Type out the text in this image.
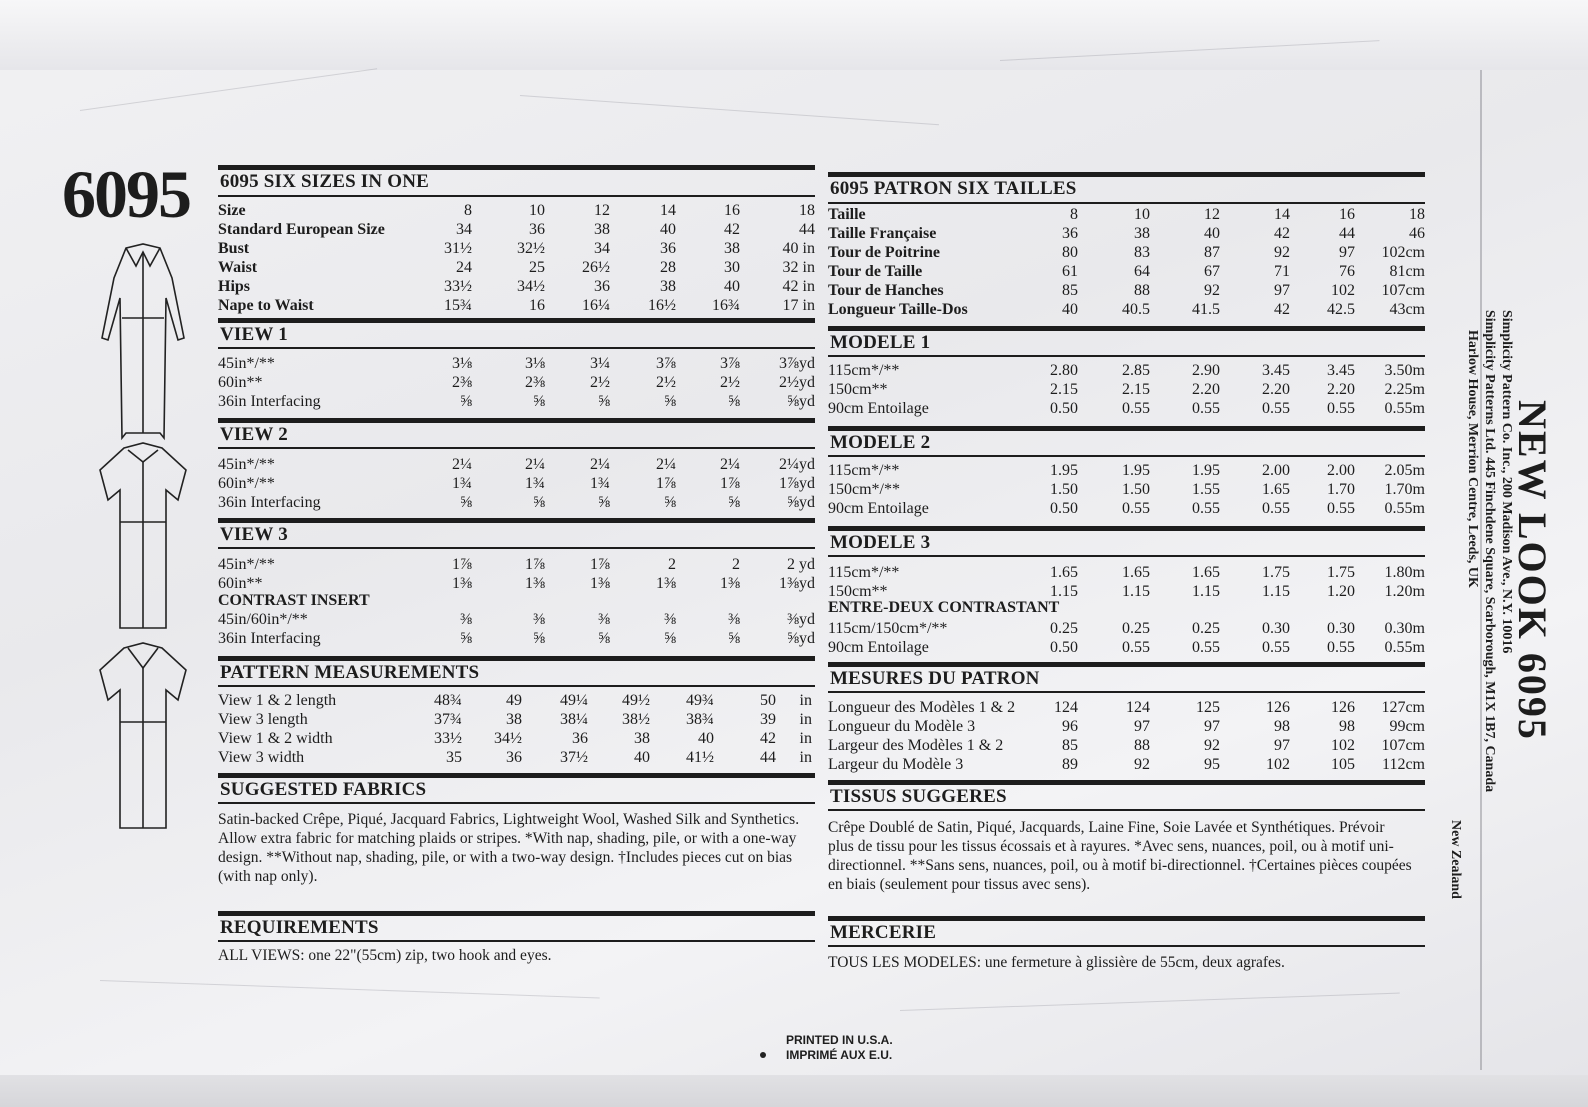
6095 6095 SIX SIZES IN ONE
Size	8	10	12	14	16	18
Standard European Size	34	36	38	40	42	44
Bust	31½	32½	34	36	38	40 in
Waist	24	25	26½	28	30	32 in
Hips	33½	34½	36	38	40	42 in
Nape to Waist	15¾	16	16¼	16½	16¾	17 in
VIEW 1
45in*/**	3⅛	3⅛	3¼	3⅞	3⅞	3⅞yd
60in**	2⅜	2⅜	2½	2½	2½	2½yd
36in Interfacing	⅝	⅝	⅝	⅝	⅝	⅝yd
VIEW 2
45in*/**	2¼	2¼	2¼	2¼	2¼	2¼yd
60in*/**	1¾	1¾	1¾	1⅞	1⅞	1⅞yd
36in Interfacing	⅝	⅝	⅝	⅝	⅝	⅝yd
VIEW 3
45in*/**	1⅞	1⅞	1⅞	2	2	2 yd
60in**	1⅜	1⅜	1⅜	1⅜	1⅜	1⅜yd
CONTRAST INSERT
45in/60in*/**	⅜	⅜	⅜	⅜	⅜	⅜yd
36in Interfacing	⅝	⅝	⅝	⅝	⅝	⅝yd
PATTERN MEASUREMENTS
View 1 & 2 length	48¾	49	49¼	49½	49¾	50	in
View 3 length	37¾	38	38¼	38½	38¾	39	in
View 1 & 2 width	33½	34½	36	38	40	42	in
View 3 width	35	36	37½	40	41½	44	in
SUGGESTED FABRICS
Satin-backed Crêpe, Piqué, Jacquard Fabrics, Lightweight Wool, Washed Silk and Synthetics. Allow extra fabric for matching plaids or stripes. *With nap, shading, pile, or with a one-way design. **Without nap, shading, pile, or with a two-way design. †Includes pieces cut on bias (with nap only).
REQUIREMENTS
ALL VIEWS: one 22"(55cm) zip, two hook and eyes.
6095 PATRON SIX TAILLES
Taille	8	10	12	14	16	18
Taille Française	36	38	40	42	44	46
Tour de Poitrine	80	83	87	92	97	102cm
Tour de Taille	61	64	67	71	76	81cm
Tour de Hanches	85	88	92	97	102	107cm
Longueur Taille-Dos	40	40.5	41.5	42	42.5	43cm
MODELE 1
115cm*/**	2.80	2.85	2.90	3.45	3.45	3.50m
150cm**	2.15	2.15	2.20	2.20	2.20	2.25m
90cm Entoilage	0.50	0.55	0.55	0.55	0.55	0.55m
MODELE 2
115cm*/**	1.95	1.95	1.95	2.00	2.00	2.05m
150cm*/**	1.50	1.50	1.55	1.65	1.70	1.70m
90cm Entoilage	0.50	0.55	0.55	0.55	0.55	0.55m
MODELE 3
115cm*/**	1.65	1.65	1.65	1.75	1.75	1.80m
150cm**	1.15	1.15	1.15	1.15	1.20	1.20m
ENTRE-DEUX CONTRASTANT
115cm/150cm*/**	0.25	0.25	0.25	0.30	0.30	0.30m
90cm Entoilage	0.50	0.55	0.55	0.55	0.55	0.55m
MESURES DU PATRON
Longueur des Modèles 1 & 2	124	124	125	126	126	127cm
Longueur du Modèle 3	96	97	97	98	98	99cm
Largeur des Modèles 1 & 2	85	88	92	97	102	107cm
Largeur du Modèle 3	89	92	95	102	105	112cm
TISSUS SUGGERES
Crêpe Doublé de Satin, Piqué, Jacquards, Laine Fine, Soie Lavée et Synthétiques. Prévoir plus de tissu pour les tissus écossais et à rayures. *Avec sens, nuances, poil, ou à motif uni-directionnel. **Sans sens, nuances, poil, ou à motif bi-directionnel. †Certaines pièces coupées en biais (seulement pour tissus avec sens).
MERCERIE
TOUS LES MODELES: une fermeture à glissière de 55cm, deux agrafes.
NEW LOOK 6095
Simplicity Pattern Co. Inc., 200 Madison Ave., N.Y. 10016
Simplicity Patterns Ltd. 445 Finchdene Square, Scarborough, M1X 1B7, Canada
Harlow House, Merrion Centre, Leeds, UK
New Zealand
PRINTED IN U.S.A.
IMPRIMÉ AUX E.U.
